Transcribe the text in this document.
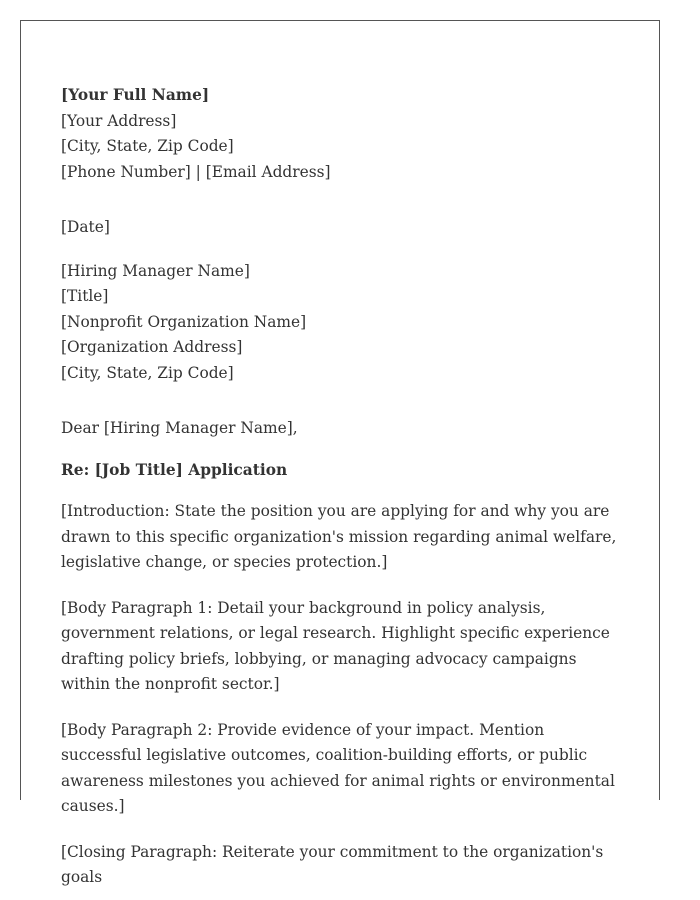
[Your Full Name]
[Your Address]
[City, State, Zip Code]
[Phone Number] | [Email Address]
[Date]
[Hiring Manager Name]
[Title]
[Nonprofit Organization Name]
[Organization Address]
[City, State, Zip Code]
Dear [Hiring Manager Name],
Re: [Job Title] Application

[Introduction: State the position you are applying for and why you are drawn to this specific organization's mission regarding animal welfare, legislative change, or species protection.]

[Body Paragraph 1: Detail your background in policy analysis, government relations, or legal research. Highlight specific experience drafting policy briefs, lobbying, or managing advocacy campaigns within the nonprofit sector.]

[Body Paragraph 2: Provide evidence of your impact. Mention successful legislative outcomes, coalition-building efforts, or public awareness milestones you achieved for animal rights or environmental causes.]

[Closing Paragraph: Reiterate your commitment to the organization's goals
